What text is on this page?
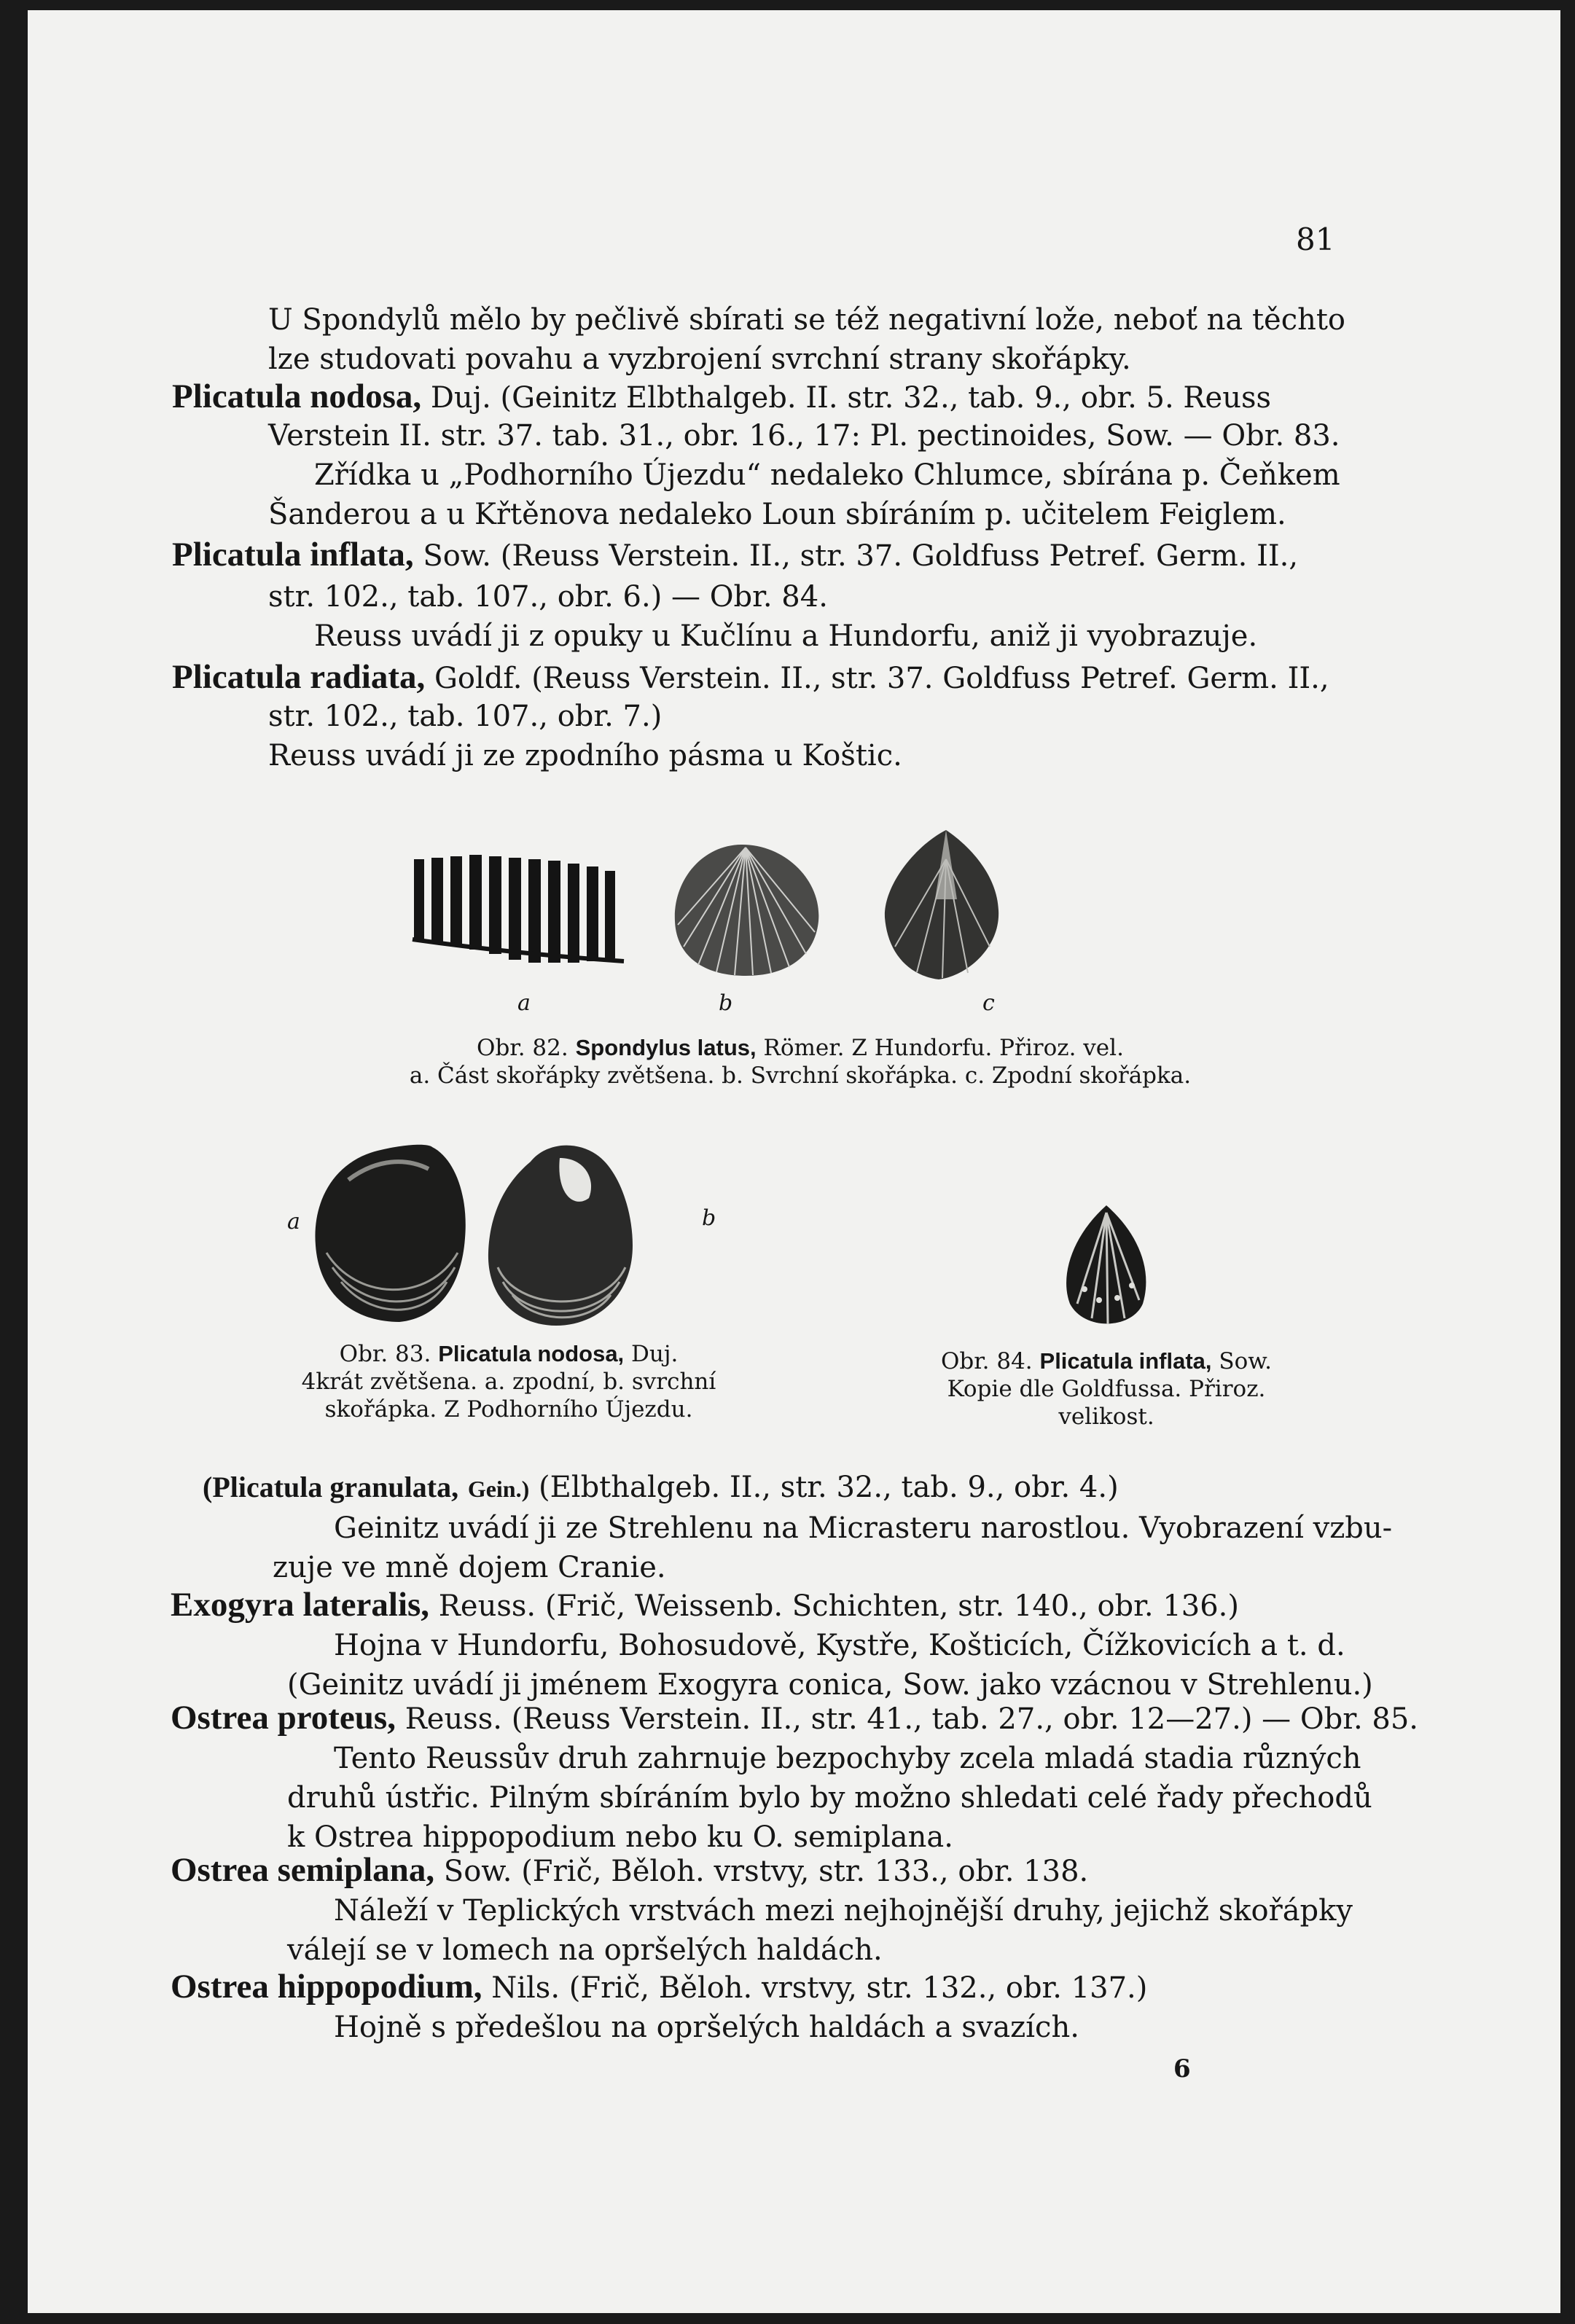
81
U Spondylů mělo by pečlivě sbírati se též negativní lože, neboť na těchto
lze studovati povahu a vyzbrojení svrchní strany skořápky.
Plicatula nodosa, Duj. (Geinitz Elbthalgeb. II. str. 32., tab. 9., obr. 5. Reuss
Verstein II. str. 37. tab. 31., obr. 16., 17: Pl. pectinoides, Sow. — Obr. 83.
Zřídka u „Podhorního Újezdu“ nedaleko Chlumce, sbírána p. Čeňkem
Šanderou a u Křtěnova nedaleko Loun sbíráním p. učitelem Feiglem.
Plicatula inflata, Sow. (Reuss Verstein. II., str. 37. Goldfuss Petref. Germ. II.,
str. 102., tab. 107., obr. 6.) — Obr. 84.
Reuss uvádí ji z opuky u Kučlínu a Hundorfu, aniž ji vyobrazuje.
Plicatula radiata, Goldf. (Reuss Verstein. II., str. 37. Goldfuss Petref. Germ. II.,
str. 102., tab. 107., obr. 7.)
Reuss uvádí ji ze zpodního pásma u Koštic.
a	b	c
Obr. 82. Spondylus latus, Römer. Z Hundorfu. Přiroz. vel.
a. Část skořápky zvětšena. b. Svrchní skořápka. c. Zpodní skořápka.
a	b
Obr. 83. Plicatula nodosa, Duj.
4krát zvětšena. a. zpodní, b. svrchní
skořápka. Z Podhorního Újezdu.
Obr. 84. Plicatula inflata, Sow.
Kopie dle Goldfussa. Přiroz.
velikost.
(Plicatula granulata, Gein.) (Elbthalgeb. II., str. 32., tab. 9., obr. 4.)
Geinitz uvádí ji ze Strehlenu na Micrasteru narostlou. Vyobrazení vzbu-
zuje ve mně dojem Cranie.
Exogyra lateralis, Reuss. (Frič, Weissenb. Schichten, str. 140., obr. 136.)
Hojna v Hundorfu, Bohosudově, Kystře, Košticích, Čížkovicích a t. d.
(Geinitz uvádí ji jménem Exogyra conica, Sow. jako vzácnou v Strehlenu.)
Ostrea proteus, Reuss. (Reuss Verstein. II., str. 41., tab. 27., obr. 12—27.) — Obr. 85.
Tento Reussův druh zahrnuje bezpochyby zcela mladá stadia různých
druhů ústřic. Pilným sbíráním bylo by možno shledati celé řady přechodů
k Ostrea hippopodium nebo ku O. semiplana.
Ostrea semiplana, Sow. (Frič, Běloh. vrstvy, str. 133., obr. 138.
Náleží v Teplických vrstvách mezi nejhojnější druhy, jejichž skořápky
válejí se v lomech na opršelých haldách.
Ostrea hippopodium, Nils. (Frič, Běloh. vrstvy, str. 132., obr. 137.)
Hojně s předešlou na opršelých haldách a svazích.
6
